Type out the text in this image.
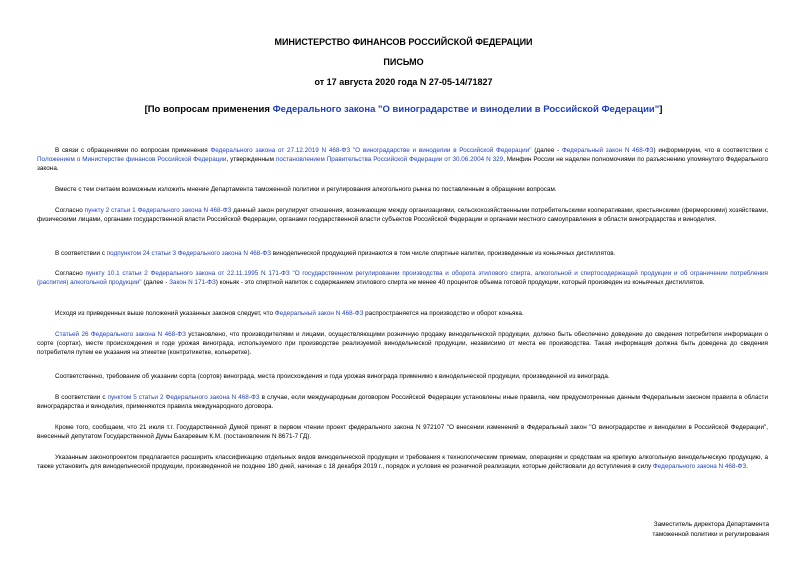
МИНИСТЕРСТВО ФИНАНСОВ РОССИЙСКОЙ ФЕДЕРАЦИИ
ПИСЬМО
от 17 августа 2020 года N 27-05-14/71827
[По вопросам применения Федерального закона "О виноградарстве и виноделии в Российской Федерации"]

В связи с обращениями по вопросам применения Федерального закона от 27.12.2019 N 468-ФЗ "О виноградарстве и виноделии в Российской Федерации" (далее - Федеральный закон N 468-ФЗ) информируем, что в соответствии с Положением о Министерстве финансов Российской Федерации, утвержденным постановлением Правительства Российской Федерации от 30.06.2004 N 329, Минфин России не наделен полномочиями по разъяснению упомянутого Федерального закона.

Вместе с тем считаем возможным изложить мнение Департамента таможенной политики и регулирования алкогольного рынка по поставленным в обращении вопросам.

Согласно пункту 2 статьи 1 Федерального закона N 468-ФЗ данный закон регулирует отношения, возникающие между организациями, сельскохозяйственными потребительскими кооперативами, крестьянскими (фермерскими) хозяйствами, физическими лицами, органами государственной власти Российской Федерации, органами государственной власти субъектов Российской Федерации и органами местного самоуправления в области виноградарства и виноделия.

В соответствии с подпунктом 24 статьи 3 Федерального закона N 468-ФЗ винодельческой продукцией признаются в том числе спиртные напитки, произведенные из коньячных дистиллятов.

Согласно пункту 10.1 статьи 2 Федерального закона от 22.11.1995 N 171-ФЗ "О государственном регулировании производства и оборота этилового спирта, алкогольной и спиртосодержащей продукции и об ограничении потребления (распития) алкогольной продукции" (далее - Закон N 171-ФЗ) коньяк - это спиртной напиток с содержанием этилового спирта не менее 40 процентов объема готовой продукции, который произведен из коньячных дистиллятов.

Исходя из приведенных выше положений указанных законов следует, что Федеральный закон N 468-ФЗ распространяется на производство и оборот коньяка.

Статьей 26 Федерального закона N 468-ФЗ установлено, что производителями и лицами, осуществляющими розничную продажу винодельческой продукции, должно быть обеспечено доведение до сведения потребителя информации о сорте (сортах), месте происхождения и годе урожая винограда, используемого при производстве реализуемой винодельческой продукции, независимо от места ее производства. Такая информация должна быть доведена до сведения потребителя путем ее указания на этикетке (контрэтикетке, кольеретке).

Соответственно, требование об указании сорта (сортов) винограда, места происхождения и года урожая винограда применимо к винодельческой продукции, произведенной из винограда.

В соответствии с пунктом 5 статьи 2 Федерального закона N 468-ФЗ в случае, если международным договором Российской Федерации установлены иные правила, чем предусмотренные данным Федеральным законом правила в области виноградарства и виноделия, применяются правила международного договора.

Кроме того, сообщаем, что 21 июля т.г. Государственной Думой принят в первом чтении проект федерального закона N 972107 "О внесении изменений в Федеральный закон "О виноградарстве и виноделии в Российской Федерации", внесенный депутатом Государственной Думы Бахаревым К.М. (постановление N 8671-7 ГД).

Указанным законопроектом предлагается расширить классификацию отдельных видов винодельческой продукции и требования к технологическим приемам, операциям и средствам на крепкую алкогольную винодельческую продукцию, а также установить для винодельческой продукции, произведенной не позднее 180 дней, начиная с 18 декабря 2019 г., порядок и условия ее розничной реализации, которые действовали до вступления в силу Федерального закона N 468-ФЗ.

Заместитель директора Департамента
таможенной политики и регулирования
